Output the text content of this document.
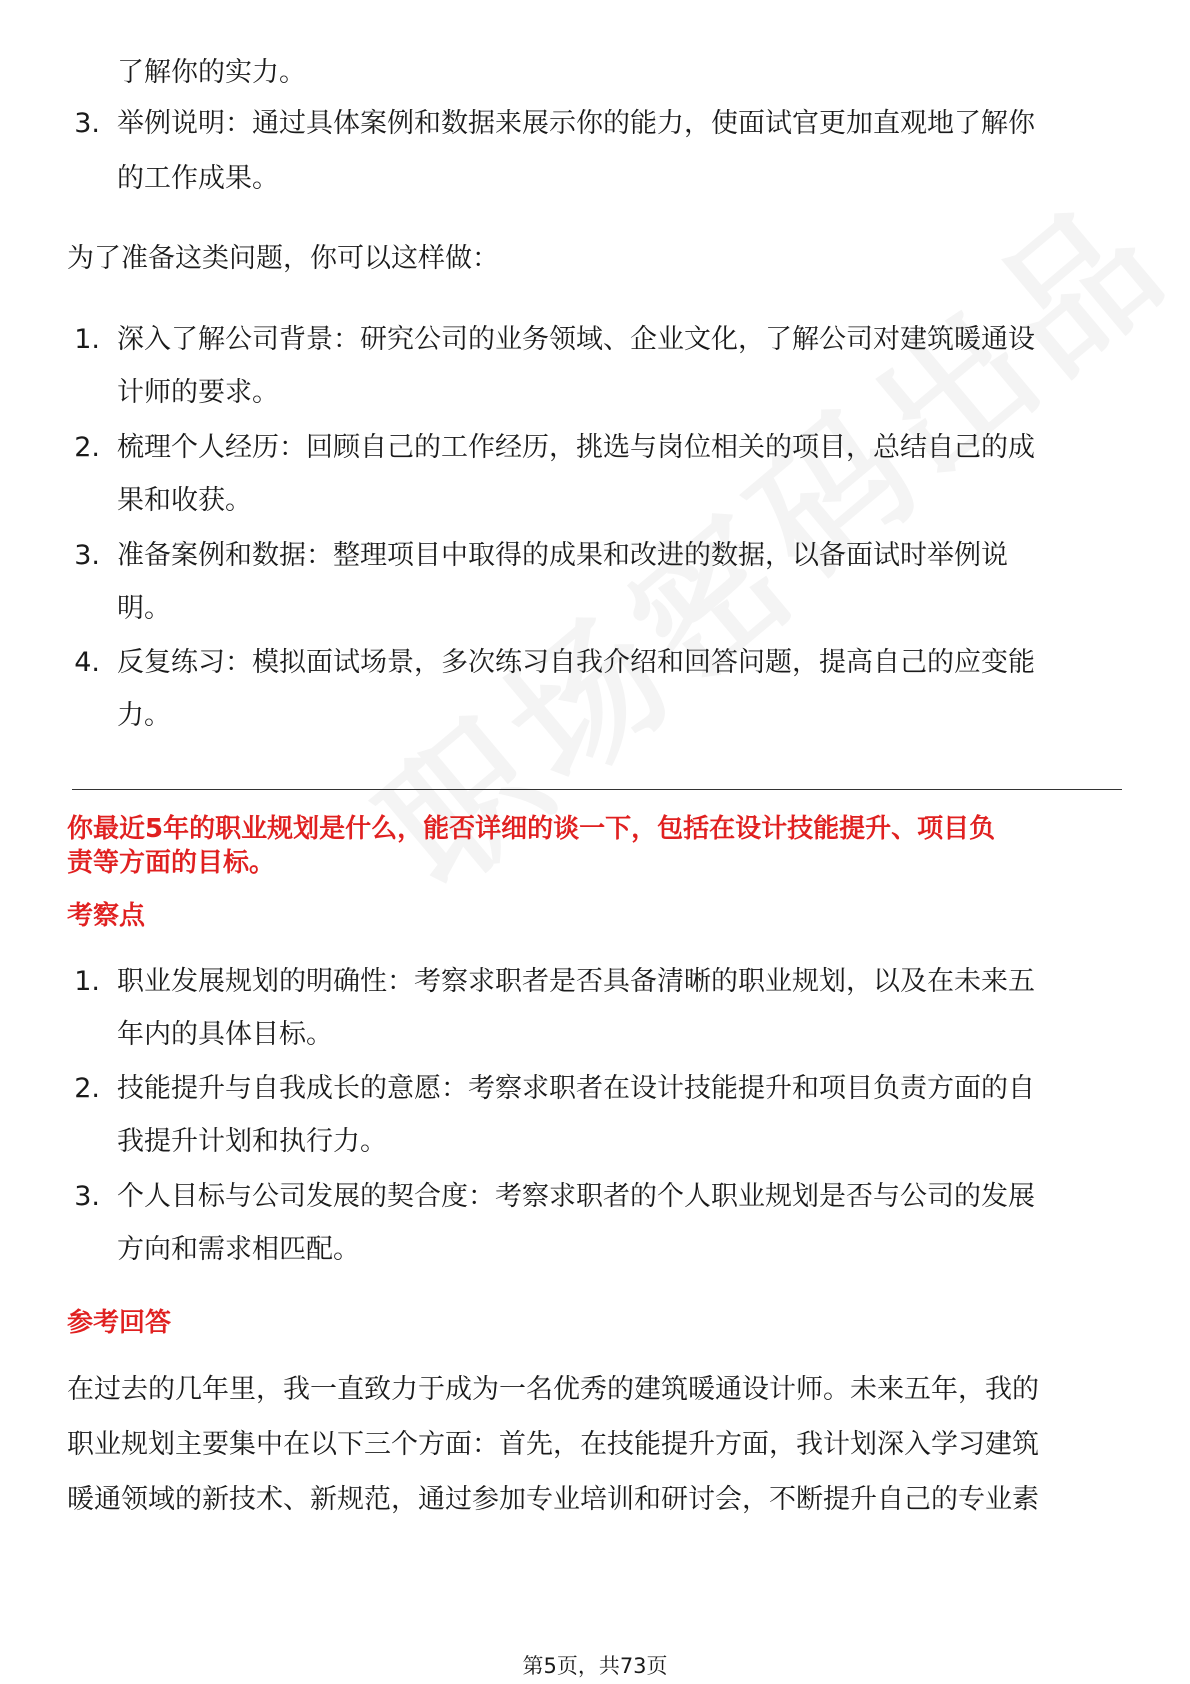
了解你的实力。
3. 举例说明：通过具体案例和数据来展示你的能力，使面试官更加直观地了解你
的工作成果。
为了准备这类问题，你可以这样做：
1. 深入了解公司背景：研究公司的业务领域、企业文化，了解公司对建筑暖通设
计师的要求。
2. 梳理个人经历：回顾自己的工作经历，挑选与岗位相关的项目，总结自己的成
果和收获。
3. 准备案例和数据：整理项目中取得的成果和改进的数据，以备面试时举例说
明。
4. 反复练习：模拟面试场景，多次练习自我介绍和回答问题，提高自己的应变能
力。
你最近5年的职业规划是什么，能否详细的谈一下，包括在设计技能提升、项目负
责等方面的目标。
考察点
1. 职业发展规划的明确性：考察求职者是否具备清晰的职业规划，以及在未来五
年内的具体目标。
2. 技能提升与自我成长的意愿：考察求职者在设计技能提升和项目负责方面的自
我提升计划和执行力。
3. 个人目标与公司发展的契合度：考察求职者的个人职业规划是否与公司的发展
方向和需求相匹配。
参考回答
在过去的几年里，我一直致力于成为一名优秀的建筑暖通设计师。未来五年，我的
职业规划主要集中在以下三个方面：首先，在技能提升方面，我计划深入学习建筑
暖通领域的新技术、新规范，通过参加专业培训和研讨会，不断提升自己的专业素
第5页，共73页
